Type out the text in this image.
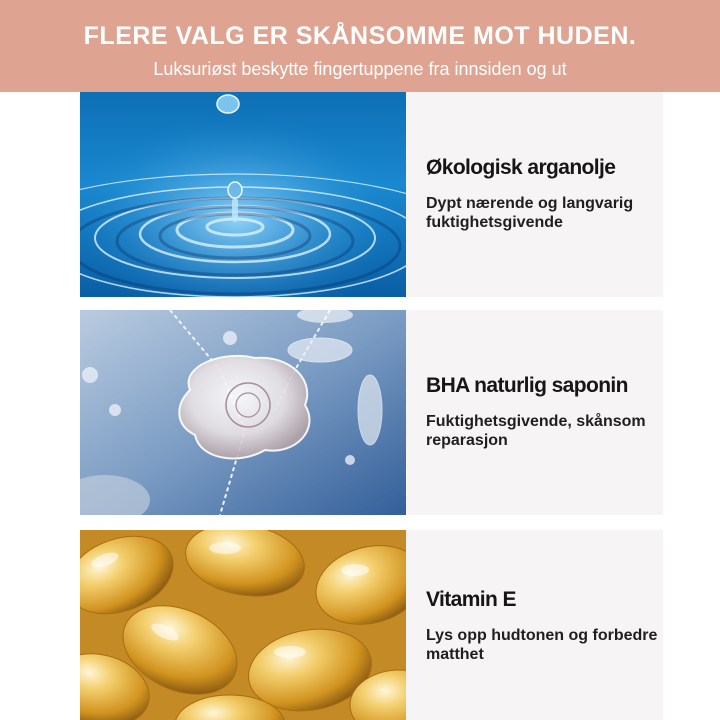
FLERE VALG ER SKÅNSOMME MOT HUDEN.
Luksuriøst beskytte fingertuppene fra innsiden og ut
Økologisk arganolje
Dypt nærende og langvarig fuktighetsgivende
BHA naturlig saponin
Fuktighetsgivende, skånsom reparasjon
Vitamin E
Lys opp hudtonen og forbedre matthet
